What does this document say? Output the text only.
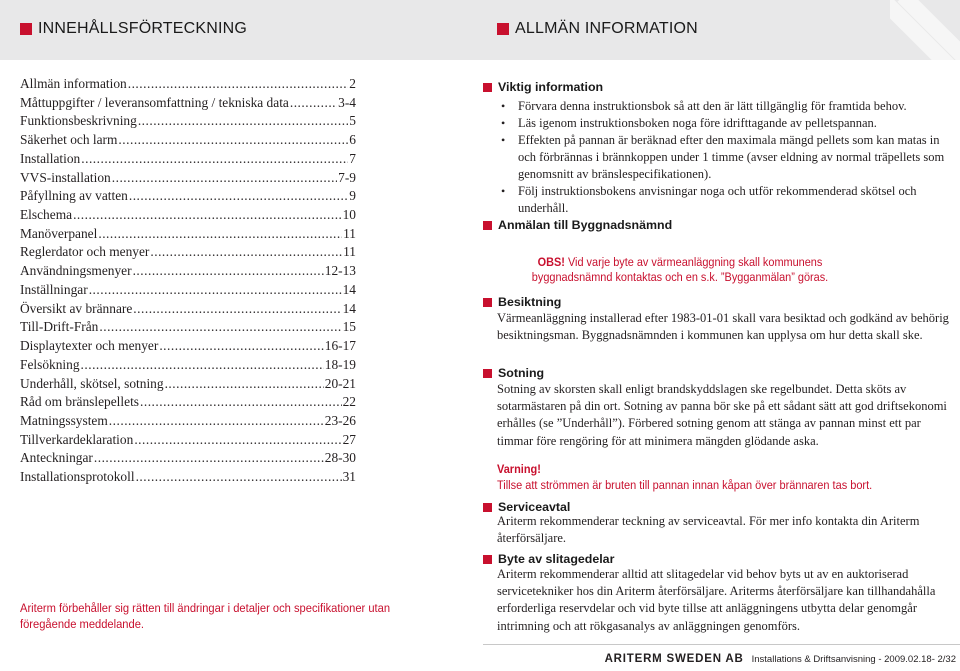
INNEHÅLLSFÖRTECKNING	ALLMÄN INFORMATION
Allmän information .....	2
Måttuppgifter / leveransomfattning / tekniska data .....	3-4
Funktionsbeskrivning .....	5
Säkerhet och larm .....	6
Installation .....	7
VVS-installation .....	7-9
Påfyllning av vatten .....	9
Elschema .....	10
Manöverpanel .....	11
Reglerdator och menyer .....	11
Användningsmenyer .....	12-13
Inställningar .....	14
Översikt av brännare .....	14
Till-Drift-Från .....	15
Displaytexter och menyer .....	16-17
Felsökning .....	18-19
Underhåll, skötsel, sotning .....	20-21
Råd om bränslepellets .....	22
Matningssystem .....	23-26
Tillverkardeklaration .....	27
Anteckningar .....	28-30
Installationsprotokoll .....	31
Ariterm förbehåller sig rätten till ändringar i detaljer och specifikationer utan föregående meddelande.
Viktig information
• Förvara denna instruktionsbok så att den är lätt tillgänglig för framtida behov.
• Läs igenom instruktionsboken noga före idrifttagande av pelletspannan.
• Effekten på pannan är beräknad efter den maximala mängd pellets som kan matas in och förbrännas i brännkoppen under 1 timme (avser eldning av normal träpellets som genomsnitt av bränslespecifikationen).
• Följ instruktionsbokens anvisningar noga och utför rekommenderad skötsel och underhåll.
Anmälan till Byggnadsnämnd
OBS! Vid varje byte av värmeanläggning skall kommunens byggnadsnämnd kontaktas och en s.k. ”Bygganmälan” göras.
Besiktning
Värmeanläggning installerad efter 1983-01-01 skall vara besiktad och godkänd av behörig besiktningsman. Byggnadsnämnden i kommunen kan upplysa om hur detta skall ske.
Sotning
Sotning av skorsten skall enligt brandskyddslagen ske regelbundet. Detta sköts av sotarmästaren på din ort. Sotning av panna bör ske på ett sådant sätt att god driftsekonomi erhålles (se ”Underhåll”). Förbered sotning genom att stänga av pannan minst ett par timmar före rengöring för att minimera mängden glödande aska.
Varning!
Tillse att strömmen är bruten till pannan innan kåpan över brännaren tas bort.
Serviceavtal
Ariterm rekommenderar teckning av serviceavtal. För mer info kontakta din Ariterm återförsäljare.
Byte av slitagedelar
Ariterm rekommenderar alltid att slitagedelar vid behov byts ut av en auktoriserad servicetekniker hos din Ariterm återförsäljare. Ariterms återförsäljare kan tillhandahålla erforderliga reservdelar och vid byte tillse att anläggningens utbytta delar genomgår intrimning och att rökgasanalys av anläggningen genomförs.
ARITERM SWEDEN AB Installations & Driftsanvisning - 2009.02.18- 2/32
